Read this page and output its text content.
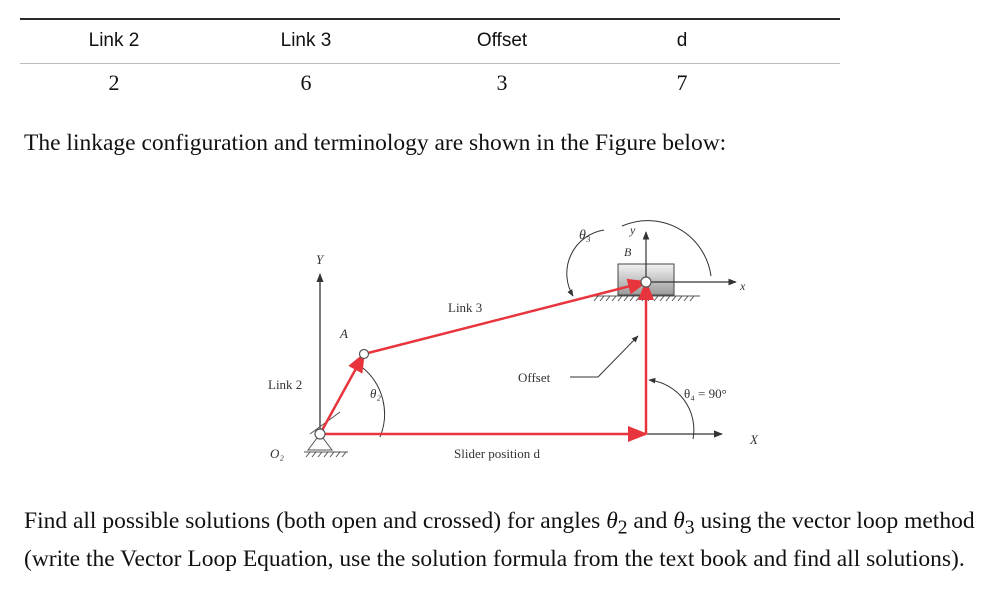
Link 2	Link 3	Offset	d
2	6	3	7
The linkage configuration and terminology are shown in the Figure below:
Y
X
O₂
y
B
x
θ₃
θ₂	θ₄ = 90°
Offset
A
Link 3
Link 2
Slider position d
Find all possible solutions (both open and crossed) for angles $\theta_2$ and $\theta_3$ using the vector loop method (write the Vector Loop Equation, use the solution formula from the text book and find all solutions).
